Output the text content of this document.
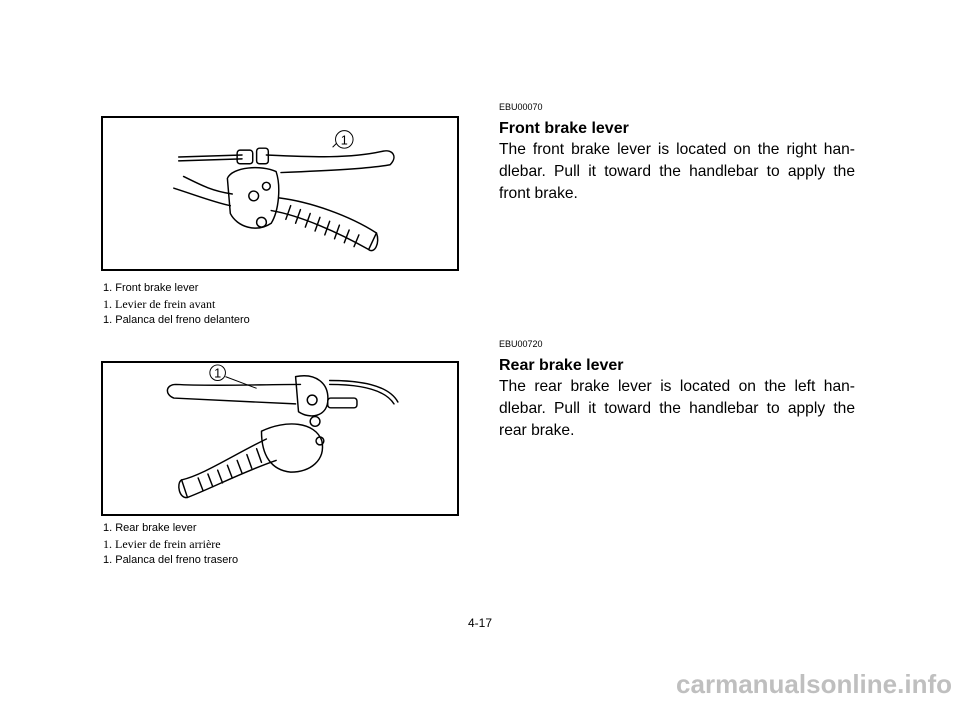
1
1. Front brake lever
1. Levier de frein avant
1. Palanca del freno delantero
1
1. Rear brake lever
1. Levier de frein arrière
1. Palanca del freno trasero
EBU00070
Front brake lever
The front brake lever is located on the right han-dlebar. Pull it toward the handlebar to apply the front brake.
EBU00720
Rear brake lever
The rear brake lever is located on the left han-dlebar. Pull it toward the handlebar to apply the rear brake.
4-17
carmanualsonline.info
